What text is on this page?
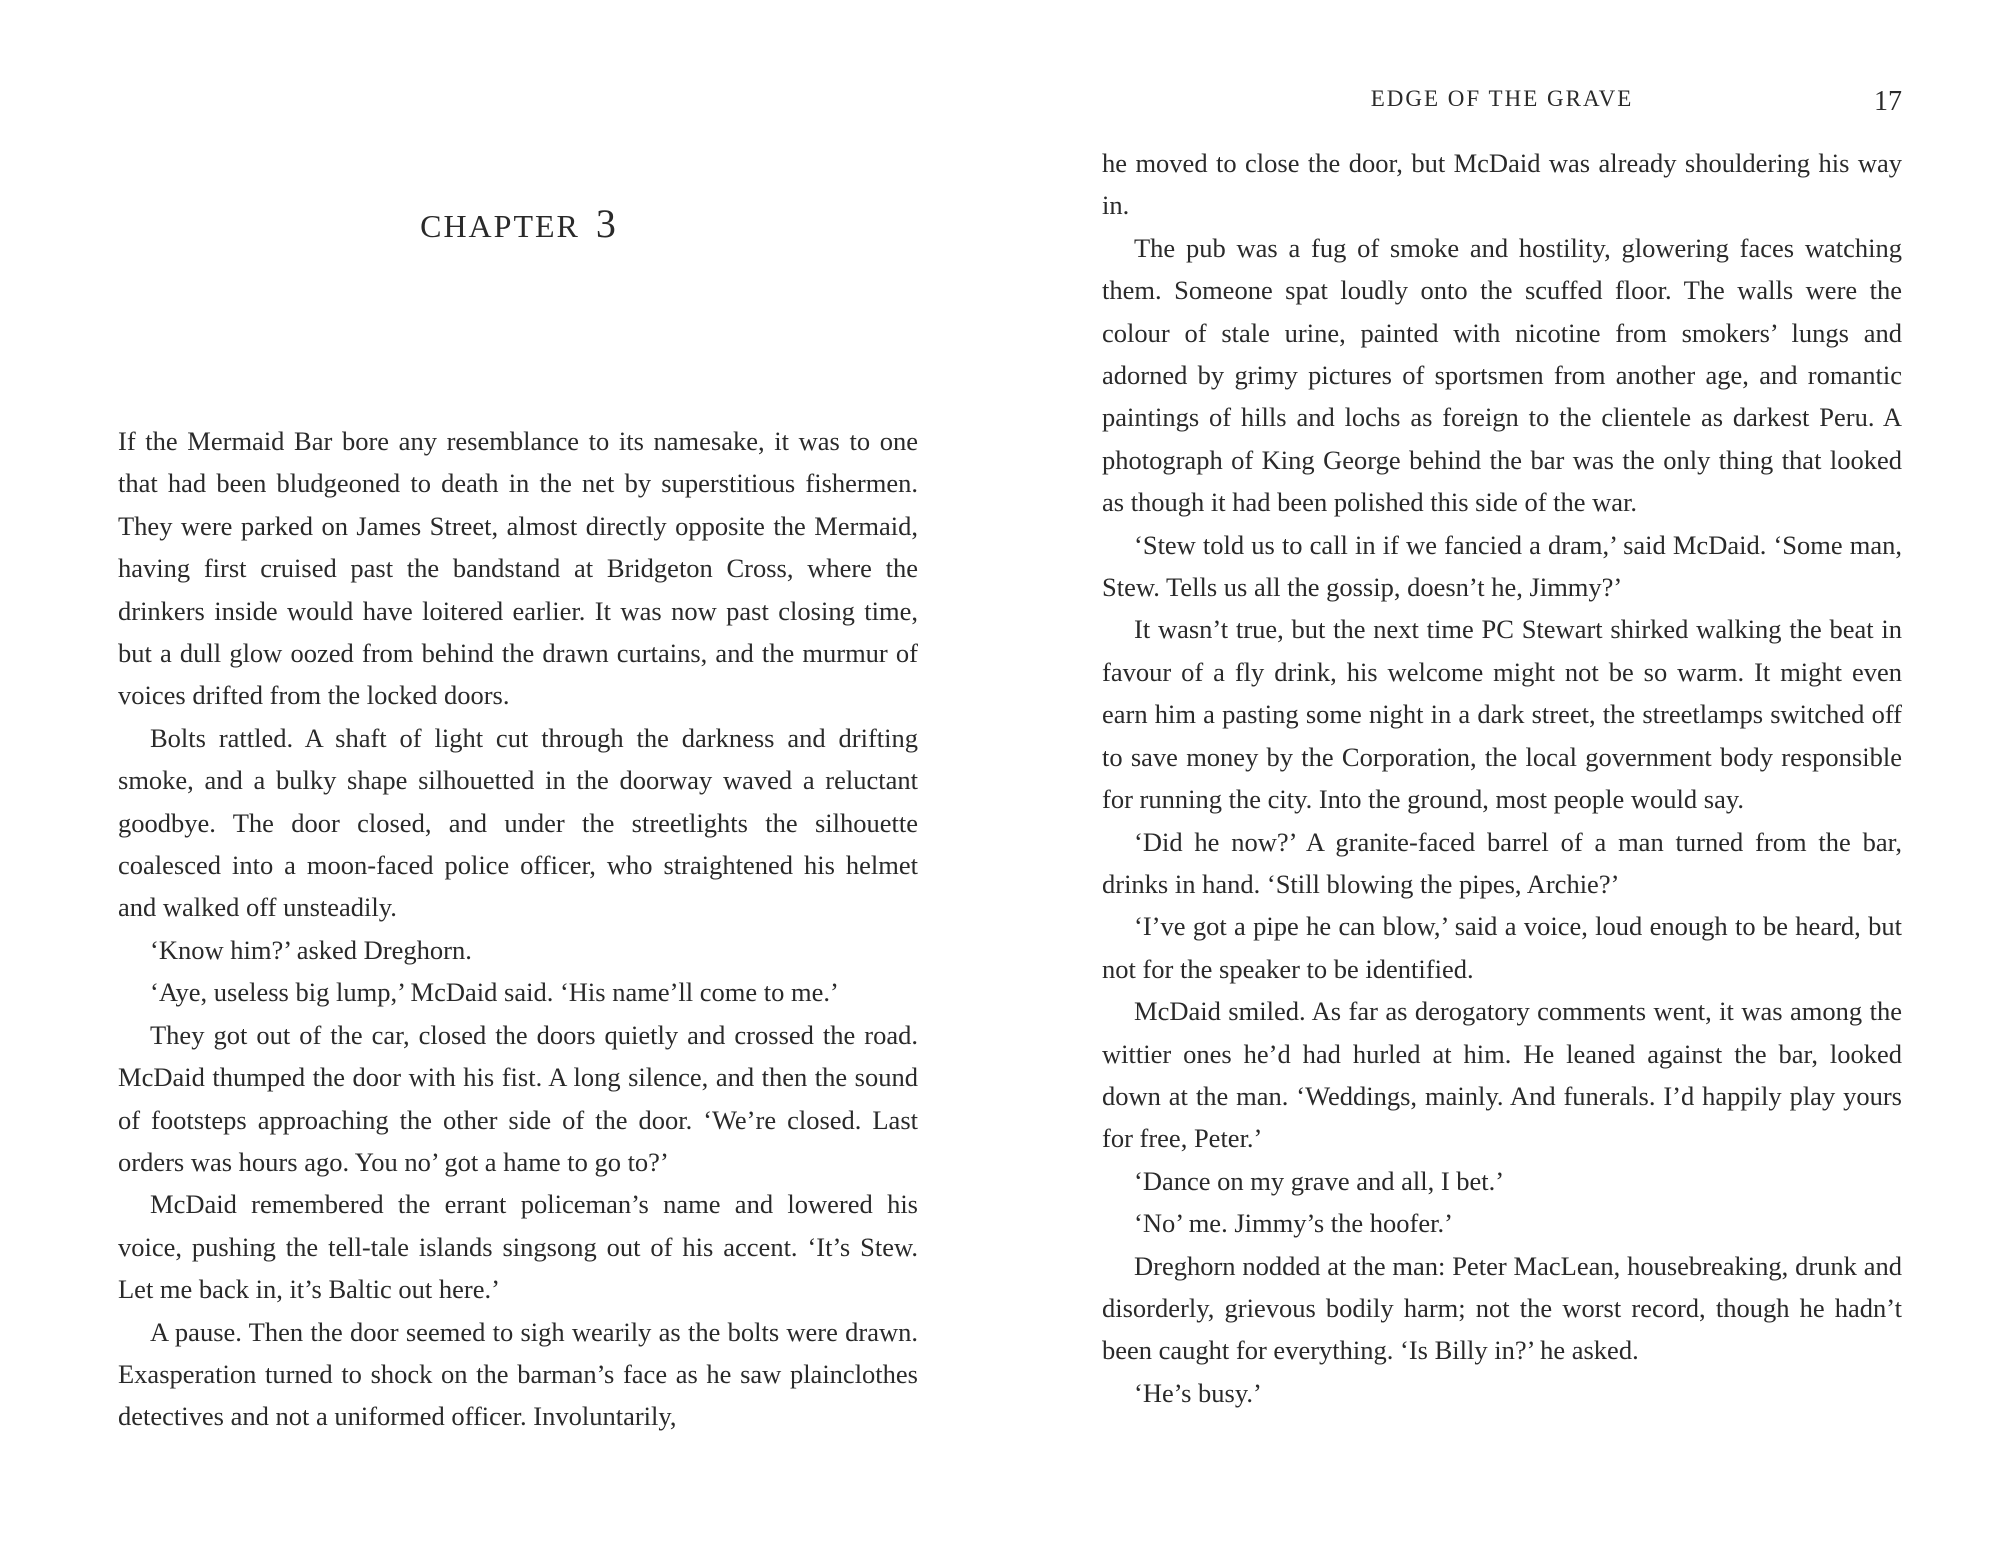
CHAPTER 3

If the Mermaid Bar bore any resemblance to its namesake, it was to one that had been bludgeoned to death in the net by superstitious fishermen. They were parked on James Street, almost directly opposite the Mermaid, having first cruised past the bandstand at Bridgeton Cross, where the drinkers inside would have loitered earlier. It was now past closing time, but a dull glow oozed from behind the drawn curtains, and the murmur of voices drifted from the locked doors.

Bolts rattled. A shaft of light cut through the darkness and drifting smoke, and a bulky shape silhouetted in the doorway waved a reluctant goodbye. The door closed, and under the streetlights the silhouette coalesced into a moon-faced police officer, who straightened his helmet and walked off unsteadily.

‘Know him?’ asked Dreghorn.

‘Aye, useless big lump,’ McDaid said. ‘His name’ll come to me.’

They got out of the car, closed the doors quietly and crossed the road. McDaid thumped the door with his fist. A long silence, and then the sound of footsteps approaching the other side of the door. ‘We’re closed. Last orders was hours ago. You no’ got a hame to go to?’

McDaid remembered the errant policeman’s name and lowered his voice, pushing the tell-tale islands singsong out of his accent. ‘It’s Stew. Let me back in, it’s Baltic out here.’

A pause. Then the door seemed to sigh wearily as the bolts were drawn. Exasperation turned to shock on the barman’s face as he saw plainclothes detectives and not a uniformed officer. Involuntarily,

EDGE OF THE GRAVE	17

he moved to close the door, but McDaid was already shouldering his way in.

The pub was a fug of smoke and hostility, glowering faces watching them. Someone spat loudly onto the scuffed floor. The walls were the colour of stale urine, painted with nicotine from smokers’ lungs and adorned by grimy pictures of sportsmen from another age, and romantic paintings of hills and lochs as foreign to the clientele as darkest Peru. A photograph of King George behind the bar was the only thing that looked as though it had been polished this side of the war.

‘Stew told us to call in if we fancied a dram,’ said McDaid. ‘Some man, Stew. Tells us all the gossip, doesn’t he, Jimmy?’

It wasn’t true, but the next time PC Stewart shirked walking the beat in favour of a fly drink, his welcome might not be so warm. It might even earn him a pasting some night in a dark street, the streetlamps switched off to save money by the Corporation, the local government body responsible for running the city. Into the ground, most people would say.

‘Did he now?’ A granite-faced barrel of a man turned from the bar, drinks in hand. ‘Still blowing the pipes, Archie?’

‘I’ve got a pipe he can blow,’ said a voice, loud enough to be heard, but not for the speaker to be identified.

McDaid smiled. As far as derogatory comments went, it was among the wittier ones he’d had hurled at him. He leaned against the bar, looked down at the man. ‘Weddings, mainly. And funerals. I’d happily play yours for free, Peter.’

‘Dance on my grave and all, I bet.’

‘No’ me. Jimmy’s the hoofer.’

Dreghorn nodded at the man: Peter MacLean, housebreaking, drunk and disorderly, grievous bodily harm; not the worst record, though he hadn’t been caught for everything. ‘Is Billy in?’ he asked.

‘He’s busy.’
